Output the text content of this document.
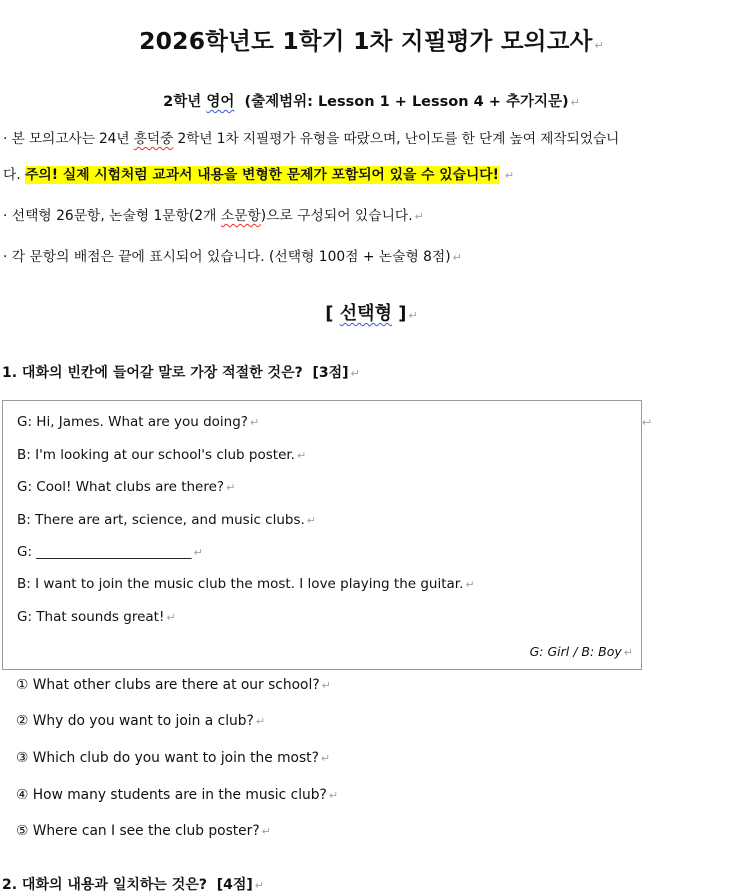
2026학년도 1학기 1차 지필평가 모의고사 ↵
2학년 영어  (출제범위: Lesson 1 + Lesson 4 + 추가지문) ↵
· 본 모의고사는 24년 흥덕중 2학년 1차 지필평가 유형을 따랐으며, 난이도를 한 단계 높여 제작되었습니
다. 주의! 실제 시험처럼 교과서 내용을 변형한 문제가 포함되어 있을 수 있습니다! ↵
· 선택형 26문항, 논술형 1문항(2개 소문항)으로 구성되어 있습니다. ↵
· 각 문항의 배점은 끝에 표시되어 있습니다. (선택형 100점 + 논술형 8점) ↵
[ 선택형 ] ↵
1. 대화의 빈칸에 들어갈 말로 가장 적절한 것은?  [3점] ↵
G: Hi, James. What are you doing? ↵
B: I'm looking at our school's club poster. ↵
G: Cool! What clubs are there? ↵
B: There are art, science, and music clubs. ↵
G: _______________________ ↵
B: I want to join the music club the most. I love playing the guitar. ↵
G: That sounds great! ↵
G: Girl / B: Boy ↵
↩
① What other clubs are there at our school? ↵
② Why do you want to join a club? ↵
③ Which club do you want to join the most? ↵
④ How many students are in the music club? ↵
⑤ Where can I see the club poster? ↵
2. 대화의 내용과 일치하는 것은?  [4점] ↵
